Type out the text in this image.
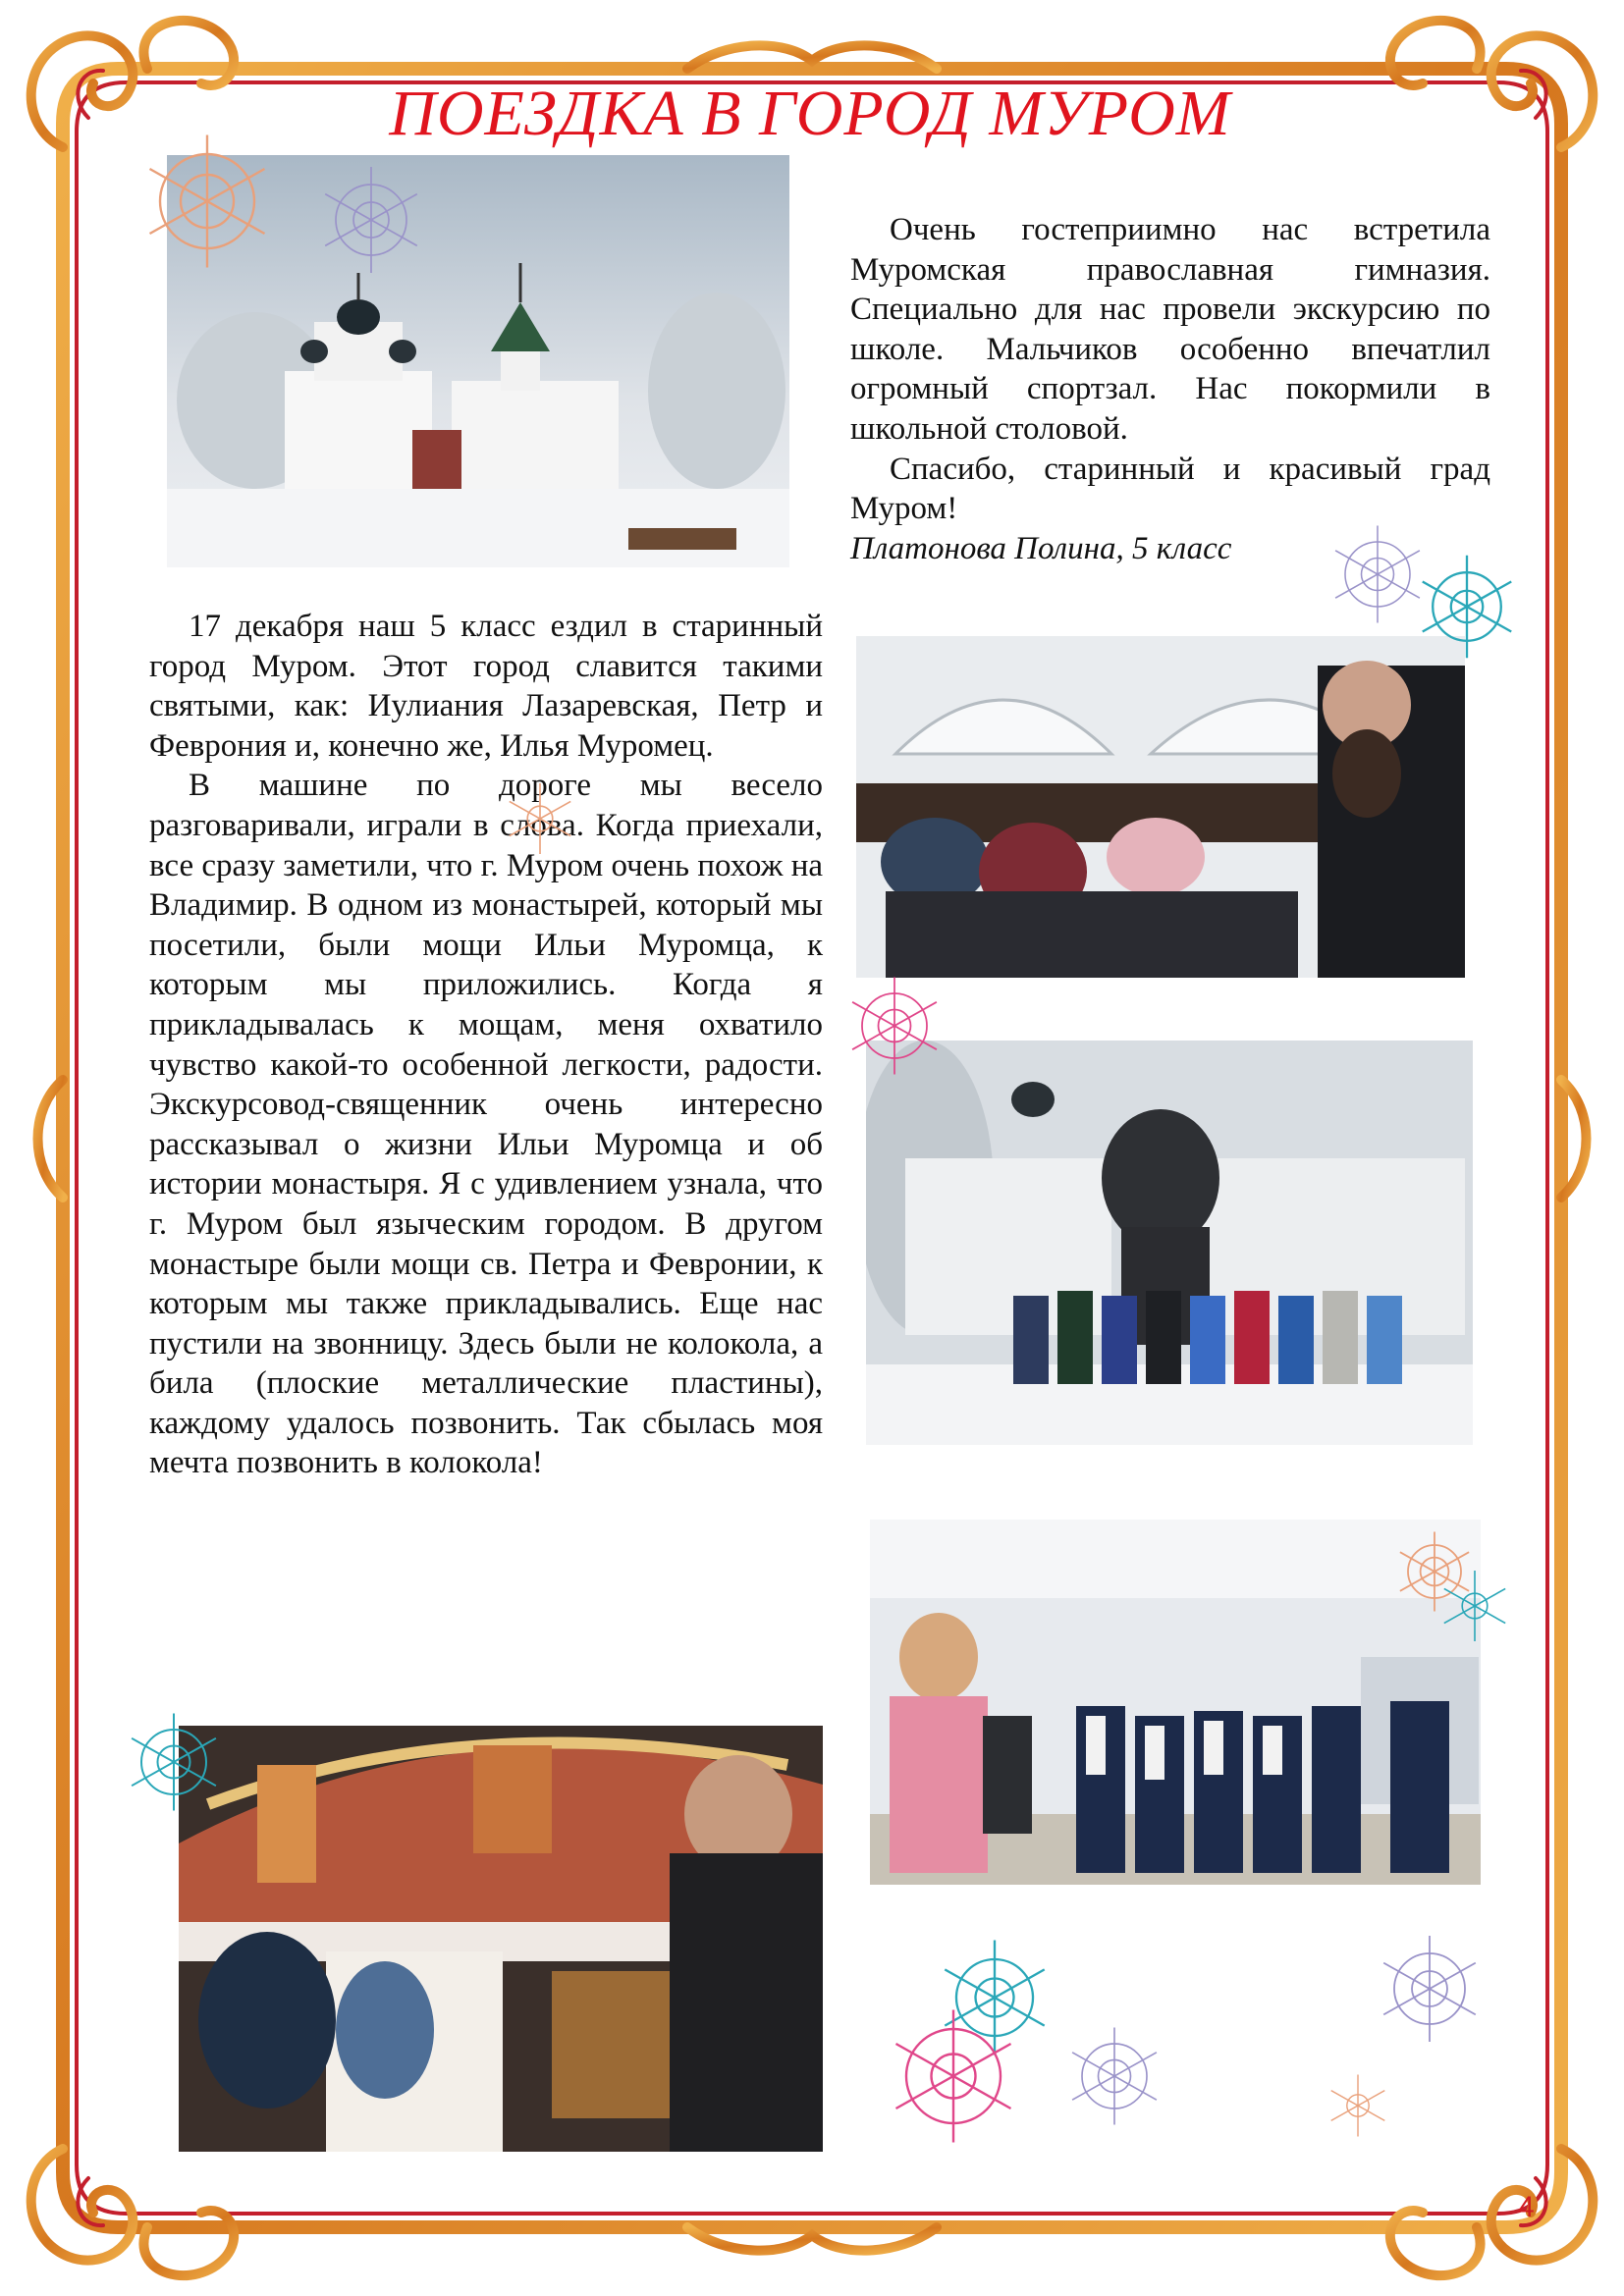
ПОЕЗДКА В ГОРОД МУРОМ

17 декабря наш 5 класс ездил в старинный город Муром. Этот город славится такими святыми, как: Иулиания Лазаревская, Петр и Феврония и, конечно же, Илья Муромец.

В машине по дороге мы весело разговаривали, играли в слова. Когда приехали, все сразу заметили, что г. Муром очень похож на Владимир. В одном из монастырей, который мы посетили, были мощи Ильи Муромца, к которым мы приложились. Когда я прикладывалась к мощам, меня охватило чувство какой-то особенной легкости, радости. Экскурсовод-священник очень интересно рассказывал о жизни Ильи Муромца и об истории монастыря. Я с удивлением узнала, что г. Муром был языческим городом. В другом монастыре были мощи св. Петра и Февронии, к которым мы также прикладывались. Еще нас пустили на звонницу. Здесь были не колокола, а била (плоские металлические пластины), каждому удалось позвонить. Так сбылась моя мечта позвонить в колокола!

Очень гостеприимно нас встретила Муромская православная гимназия. Специально для нас провели экскурсию по школе. Мальчиков особенно впечатлил огромный спортзал. Нас покормили в школьной столовой.

Спасибо, старинный и красивый град Муром!

Платонова Полина, 5 класс

4
